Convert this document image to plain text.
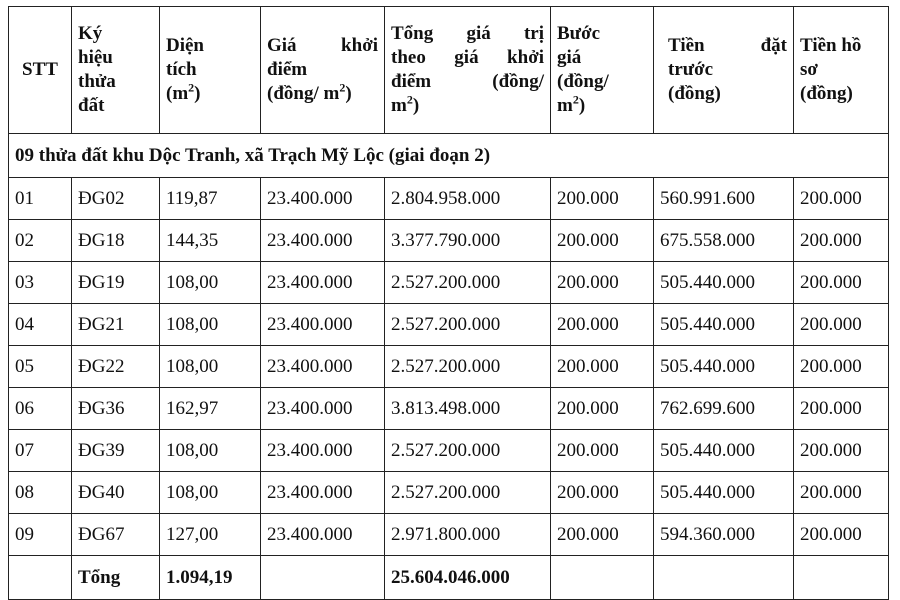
STT	Ký
hiệu
thửa
đất	Diện
tích
$(m^2)$	Giá khởi
điểm
(đồng/ $m^2$)	Tổng giá trị
theo giá khởi
điểm (đồng/
$m^2$)	Bước
giá
(đồng/
$m^2$)	Tiền đặt
trước
(đồng)	Tiền hồ
sơ
(đồng)

09 thửa đất khu Dộc Tranh, xã Trạch Mỹ Lộc (giai đoạn 2)							
01	ĐG02	119,87	23.400.000	2.804.958.000	200.000	560.991.600	200.000
02	ĐG18	144,35	23.400.000	3.377.790.000	200.000	675.558.000	200.000
03	ĐG19	108,00	23.400.000	2.527.200.000	200.000	505.440.000	200.000
04	ĐG21	108,00	23.400.000	2.527.200.000	200.000	505.440.000	200.000
05	ĐG22	108,00	23.400.000	2.527.200.000	200.000	505.440.000	200.000
06	ĐG36	162,97	23.400.000	3.813.498.000	200.000	762.699.600	200.000
07	ĐG39	108,00	23.400.000	2.527.200.000	200.000	505.440.000	200.000
08	ĐG40	108,00	23.400.000	2.527.200.000	200.000	505.440.000	200.000
09	ĐG67	127,00	23.400.000	2.971.800.000	200.000	594.360.000	200.000
	Tổng	1.094,19		25.604.046.000			
